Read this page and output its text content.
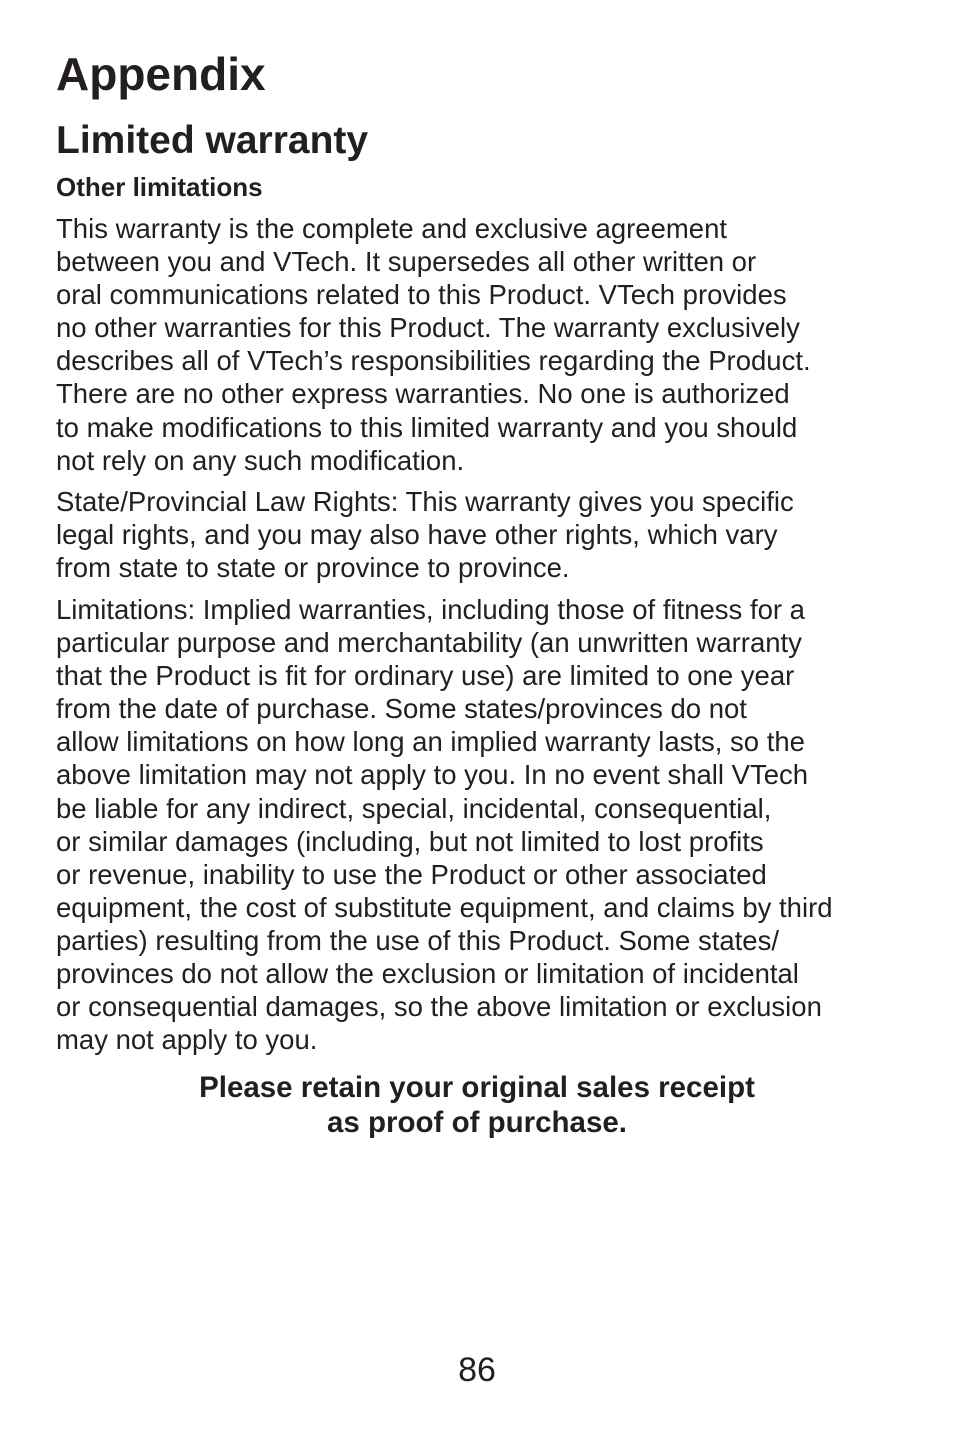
Appendix
Limited warranty
Other limitations
This warranty is the complete and exclusive agreement
between you and VTech. It supersedes all other written or
oral communications related to this Product. VTech provides
no other warranties for this Product. The warranty exclusively
describes all of VTech’s responsibilities regarding the Product.
There are no other express warranties. No one is authorized
to make modifications to this limited warranty and you should
not rely on any such modification.
State/Provincial Law Rights: This warranty gives you specific
legal rights, and you may also have other rights, which vary
from state to state or province to province.
Limitations: Implied warranties, including those of fitness for a
particular purpose and merchantability (an unwritten warranty
that the Product is fit for ordinary use) are limited to one year
from the date of purchase. Some states/provinces do not
allow limitations on how long an implied warranty lasts, so the
above limitation may not apply to you. In no event shall VTech
be liable for any indirect, special, incidental, consequential,
or similar damages (including, but not limited to lost profits
or revenue, inability to use the Product or other associated
equipment, the cost of substitute equipment, and claims by third
parties) resulting from the use of this Product. Some states/
provinces do not allow the exclusion or limitation of incidental
or consequential damages, so the above limitation or exclusion
may not apply to you.
Please retain your original sales receipt
as proof of purchase.
86
